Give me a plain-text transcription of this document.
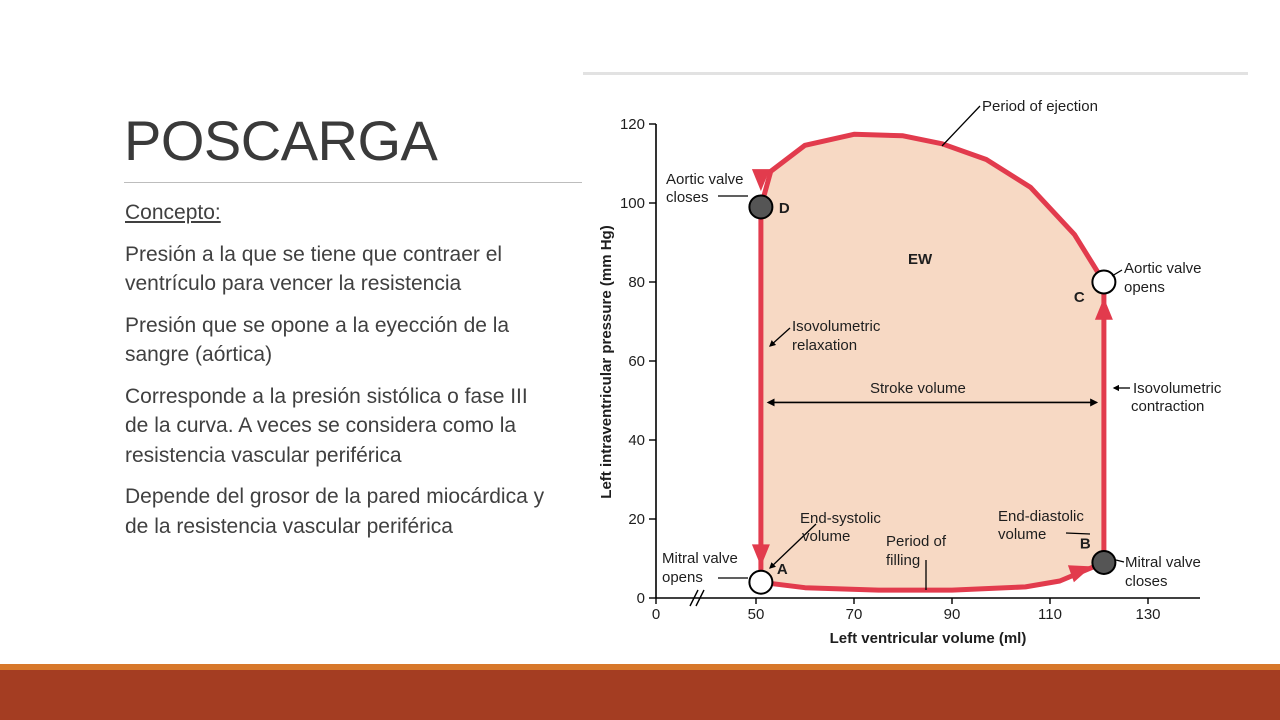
POSCARGA

Concepto:

Presión a la que se tiene que contraer el ventrículo para vencer la resistencia

Presión que se opone a la eyección de la sangre (aórtica)

Corresponde a la presión sistólica o fase III de la curva. A veces se considera como la resistencia vascular periférica

Depende del grosor de la pared miocárdica y de la resistencia vascular periférica

0
20
40
60
80
100
120
0	50	70	90	110	130
A
B
C
D
EW
Period of ejection
Aortic valve
closes
Aortic valve
opens
Isovolumetric
relaxation
Isovolumetric
contraction
Stroke volume
End-systolic
volume
End-diastolic
volume
Period of
filling
Mitral valve
opens
Mitral valve
closes
Left ventricular volume (ml)
Left intraventricular pressure (mm Hg)
